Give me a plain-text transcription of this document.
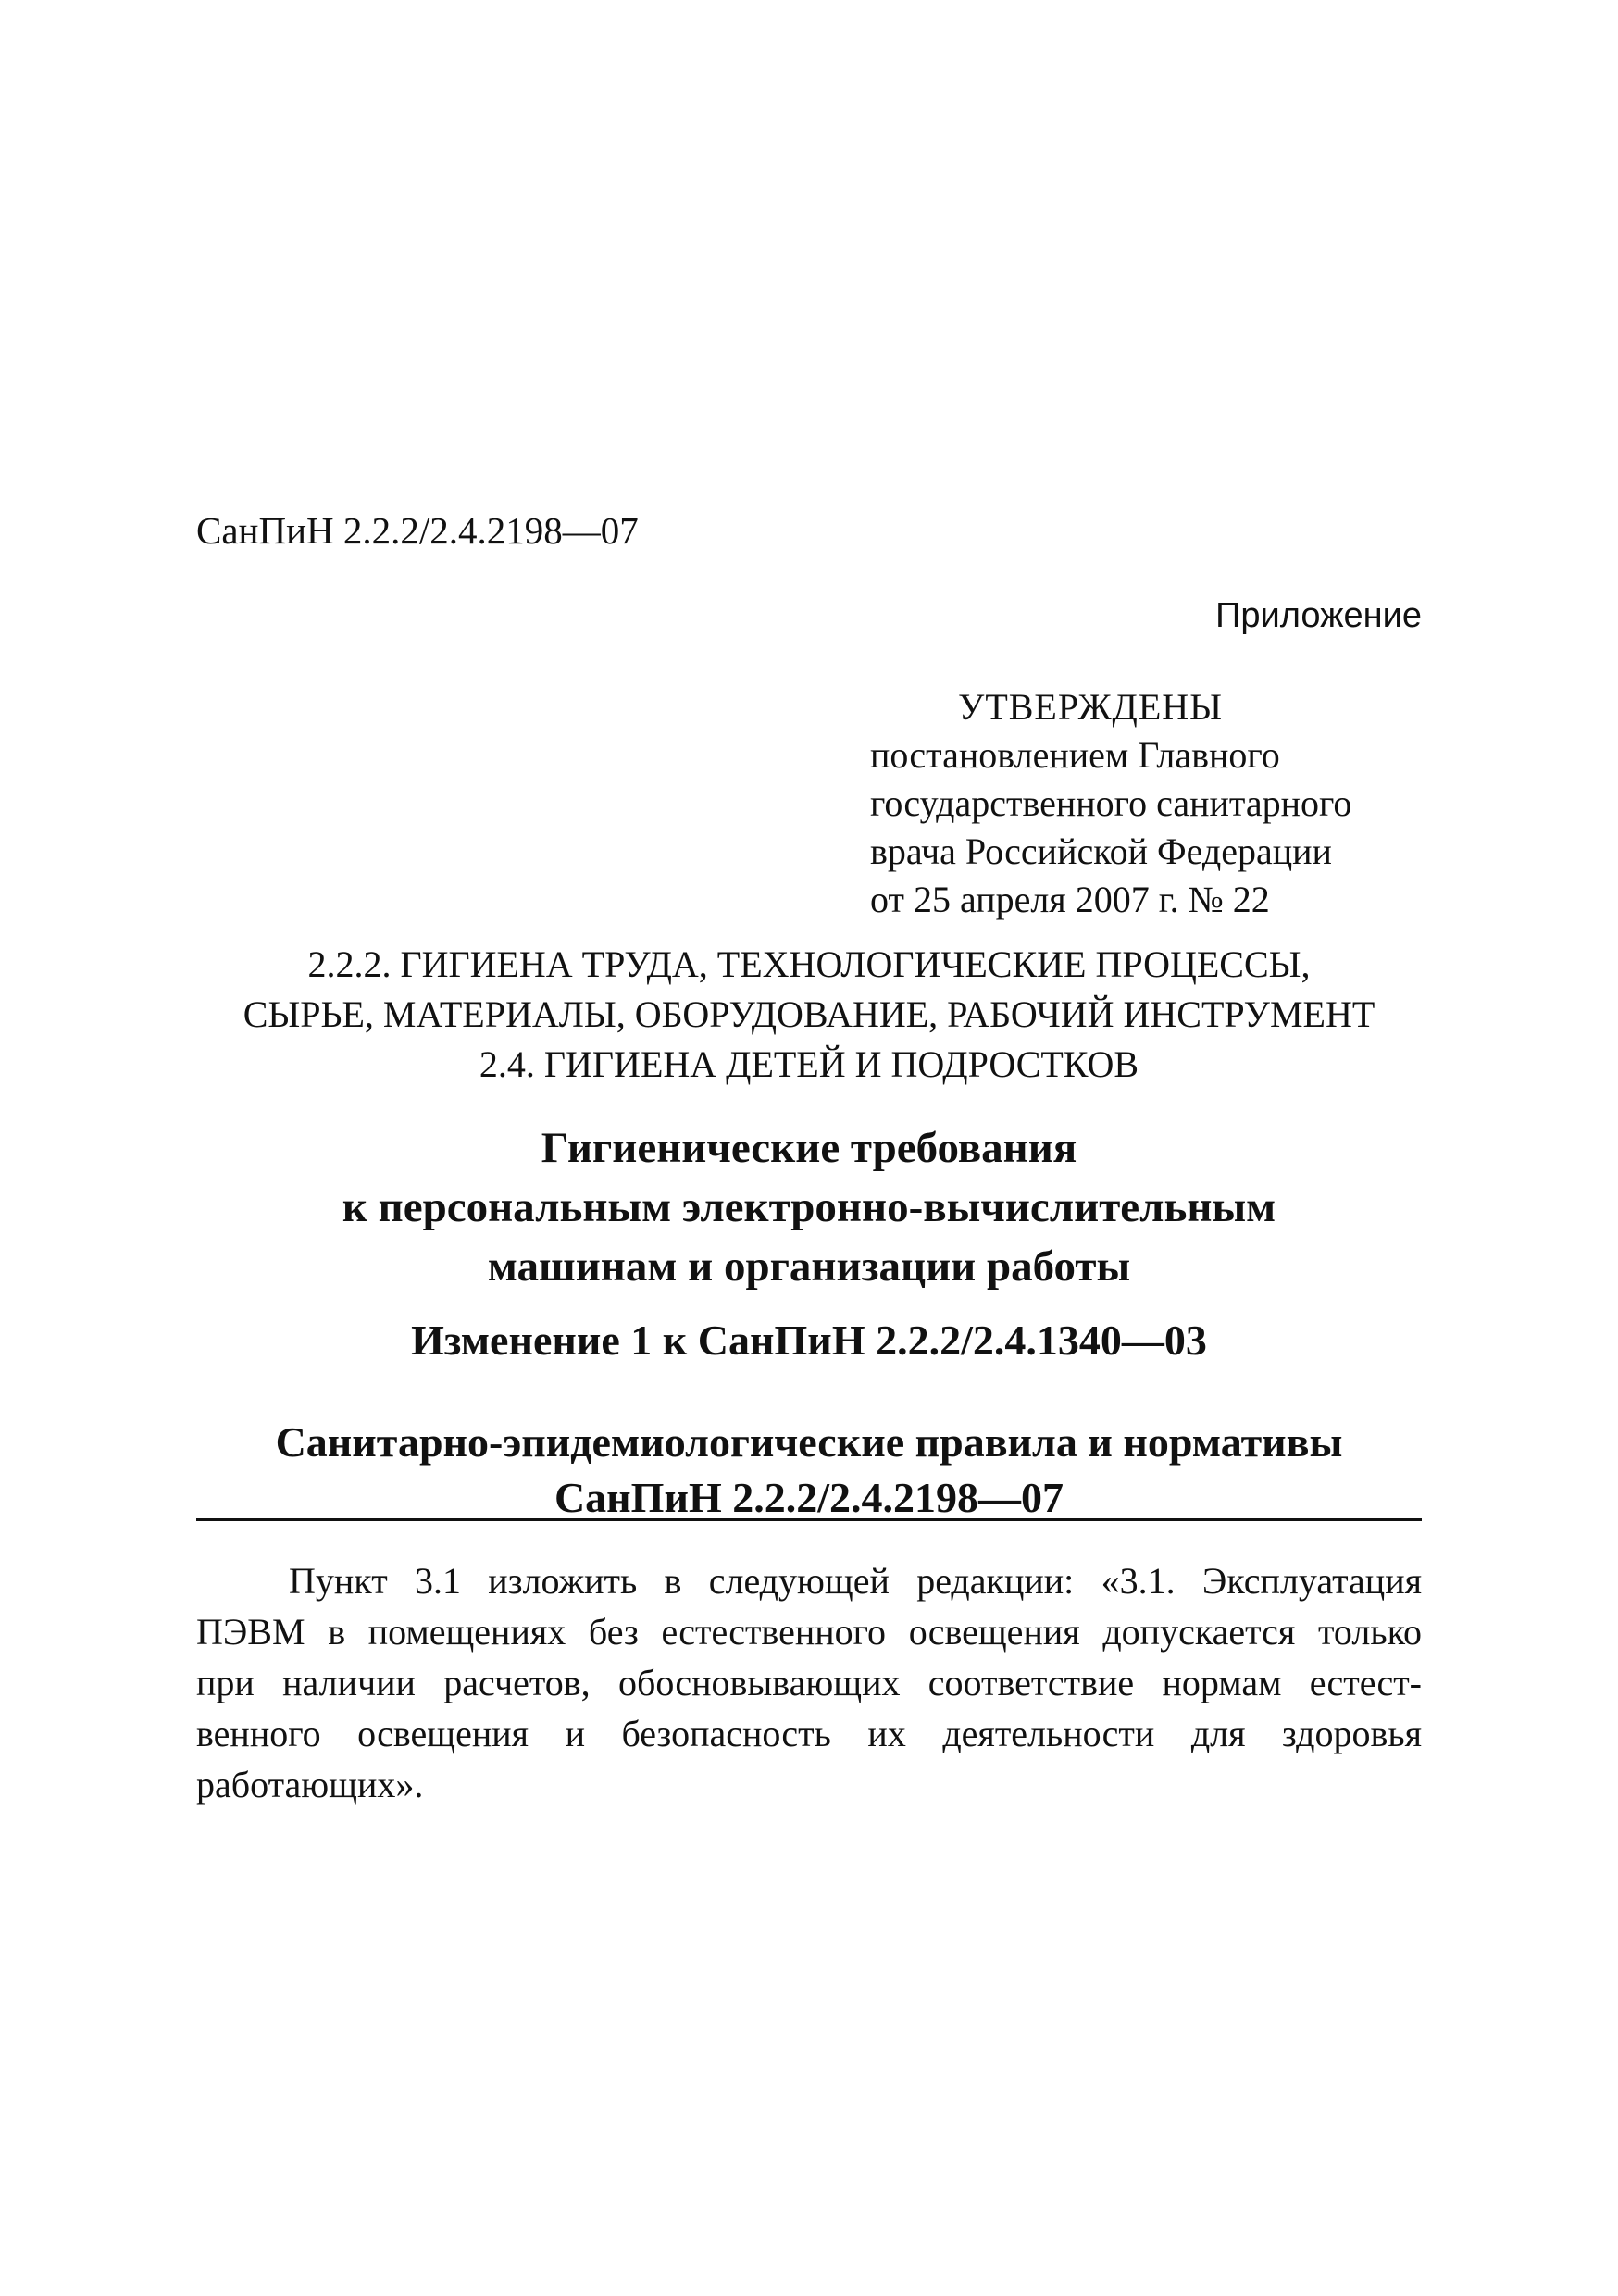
СанПиН 2.2.2/2.4.2198—07
Приложение
УТВЕРЖДЕНЫ
постановлением Главного
государственного санитарного
врача Российской Федерации
от 25 апреля 2007 г. № 22
2.2.2. ГИГИЕНА ТРУДА, ТЕХНОЛОГИЧЕСКИЕ ПРОЦЕССЫ,
СЫРЬЕ, МАТЕРИАЛЫ, ОБОРУДОВАНИЕ, РАБОЧИЙ ИНСТРУМЕНТ
2.4. ГИГИЕНА ДЕТЕЙ И ПОДРОСТКОВ
Гигиенические требования
к персональным электронно-вычислительным
машинам и организации работы
Изменение 1 к СанПиН 2.2.2/2.4.1340—03
Санитарно-эпидемиологические правила и нормативы
СанПиН 2.2.2/2.4.2198—07
Пункт 3.1 изложить в следующей редакции: «3.1. Эксплуатация
ПЭВМ в помещениях без естественного освещения допускается только
при наличии расчетов, обосновывающих соответствие нормам естест-
венного освещения и безопасность их деятельности для здоровья
работающих».
